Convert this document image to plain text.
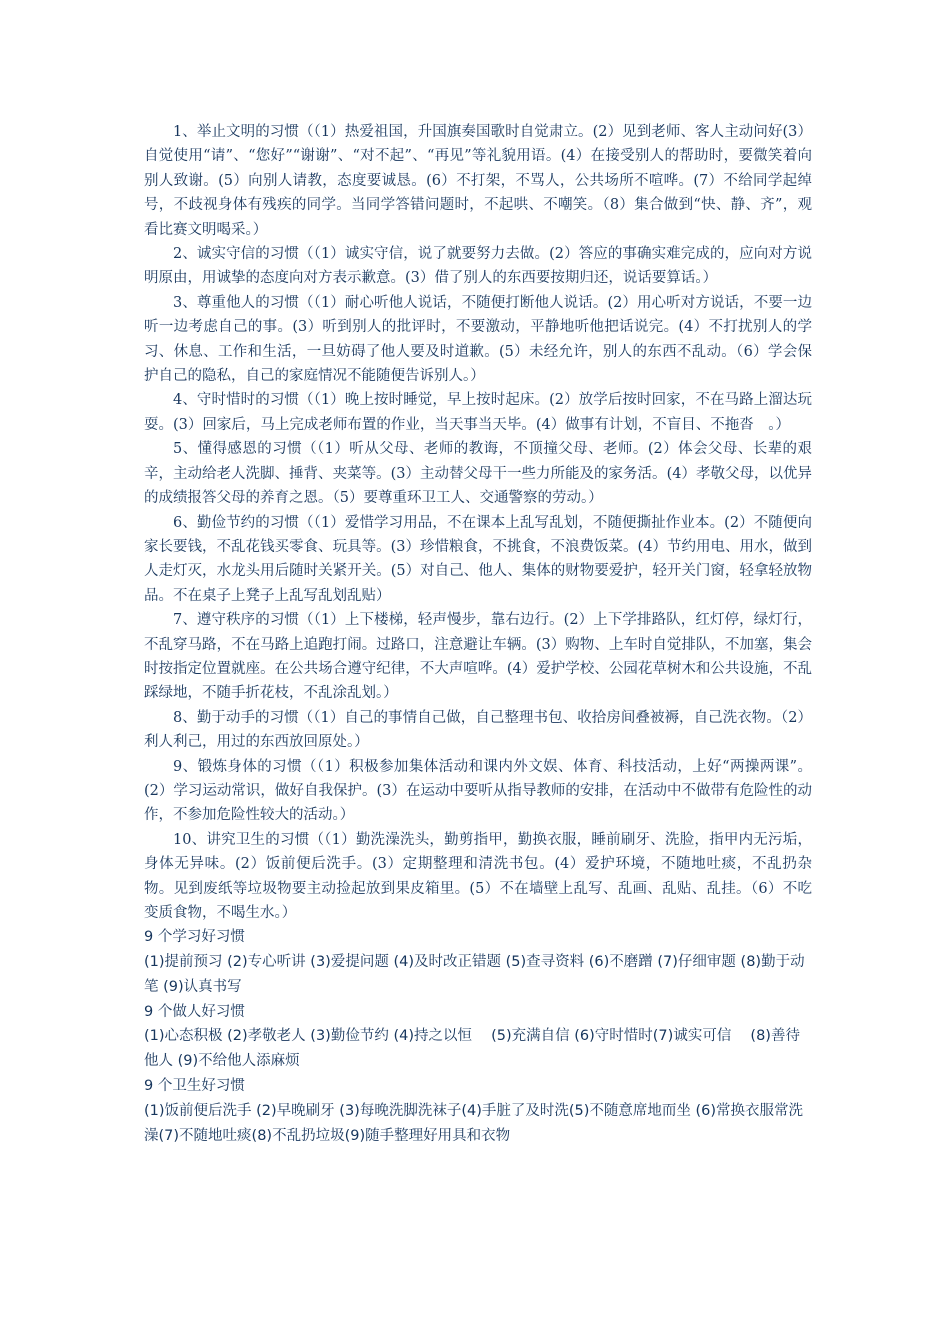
1、举止文明的习惯（（1）热爱祖国，升国旗奏国歌时自觉肃立。(2）见到老师、客人主动问好(3）自觉使用“请”、“您好”“谢谢”、“对不起”、“再见”等礼貌用语。(4）在接受别人的帮助时，要微笑着向别人致谢。(5）向别人请教，态度要诚恳。(6）不打架，不骂人，公共场所不喧哗。(7）不给同学起绰号，不歧视身体有残疾的同学。当同学答错问题时，不起哄、不嘲笑。（8）集合做到“快、静、齐”，观看比赛文明喝采。）

2、诚实守信的习惯（（1）诚实守信，说了就要努力去做。(2）答应的事确实难完成的，应向对方说明原由，用诚挚的态度向对方表示歉意。(3）借了别人的东西要按期归还，说话要算话。）

3、尊重他人的习惯（（1）耐心听他人说话，不随便打断他人说话。(2）用心听对方说话，不要一边听一边考虑自己的事。(3）听到别人的批评时，不要激动，平静地听他把话说完。(4）不打扰别人的学习、休息、工作和生活，一旦妨碍了他人要及时道歉。(5）未经允许，别人的东西不乱动。（6）学会保护自己的隐私，自己的家庭情况不能随便告诉别人。）

4、守时惜时的习惯（（1）晚上按时睡觉，早上按时起床。(2）放学后按时回家，不在马路上溜达玩耍。(3）回家后，马上完成老师布置的作业，当天事当天毕。(4）做事有计划，不盲目、不拖沓　。）

5、懂得感恩的习惯（（1）听从父母、老师的教诲，不顶撞父母、老师。(2）体会父母、长辈的艰辛，主动给老人洗脚、捶背、夹菜等。(3）主动替父母干一些力所能及的家务活。(4）孝敬父母，以优异的成绩报答父母的养育之恩。（5）要尊重环卫工人、交通警察的劳动。）

6、勤俭节约的习惯（（1）爱惜学习用品，不在课本上乱写乱划，不随便撕扯作业本。(2）不随便向家长要钱，不乱花钱买零食、玩具等。(3）珍惜粮食，不挑食，不浪费饭菜。(4）节约用电、用水，做到人走灯灭，水龙头用后随时关紧开关。(5）对自己、他人、集体的财物要爱护，轻开关门窗，轻拿轻放物品。不在桌子上凳子上乱写乱划乱贴）

7、遵守秩序的习惯（（1）上下楼梯，轻声慢步，靠右边行。(2）上下学排路队，红灯停，绿灯行，不乱穿马路，不在马路上追跑打闹。过路口，注意避让车辆。(3）购物、上车时自觉排队，不加塞，集会时按指定位置就座。在公共场合遵守纪律，不大声喧哗。(4）爱护学校、公园花草树木和公共设施，不乱踩绿地，不随手折花枝，不乱涂乱划。）

8、勤于动手的习惯（（1）自己的事情自己做，自己整理书包、收拾房间叠被褥，自己洗衣物。（2）利人利己，用过的东西放回原处。）

9、锻炼身体的习惯（（1）积极参加集体活动和课内外文娱、体育、科技活动，上好“两操两课”。(2）学习运动常识，做好自我保护。(3）在运动中要听从指导教师的安排，在活动中不做带有危险性的动作，不参加危险性较大的活动。）

10、讲究卫生的习惯（（1）勤洗澡洗头，勤剪指甲，勤换衣服，睡前刷牙、洗脸，指甲内无污垢，身体无异味。(2）饭前便后洗手。(3）定期整理和清洗书包。(4）爱护环境，不随地吐痰，不乱扔杂物。见到废纸等垃圾物要主动捡起放到果皮箱里。(5）不在墙壁上乱写、乱画、乱贴、乱挂。（6）不吃变质食物，不喝生水。）

9 个学习好习惯

(1)提前预习 (2)专心听讲 (3)爱提问题 (4)及时改正错题 (5)查寻资料 (6)不磨蹭 (7)仔细审题 (8)勤于动笔 (9)认真书写

9 个做人好习惯

(1)心态积极 (2)孝敬老人 (3)勤俭节约 (4)持之以恒　 (5)充满自信 (6)守时惜时(7)诚实可信　 (8)善待他人 (9)不给他人添麻烦

9 个卫生好习惯

(1)饭前便后洗手 (2)早晚刷牙 (3)每晚洗脚洗袜子(4)手脏了及时洗(5)不随意席地而坐 (6)常换衣服常洗澡(7)不随地吐痰(8)不乱扔垃圾(9)随手整理好用具和衣物
